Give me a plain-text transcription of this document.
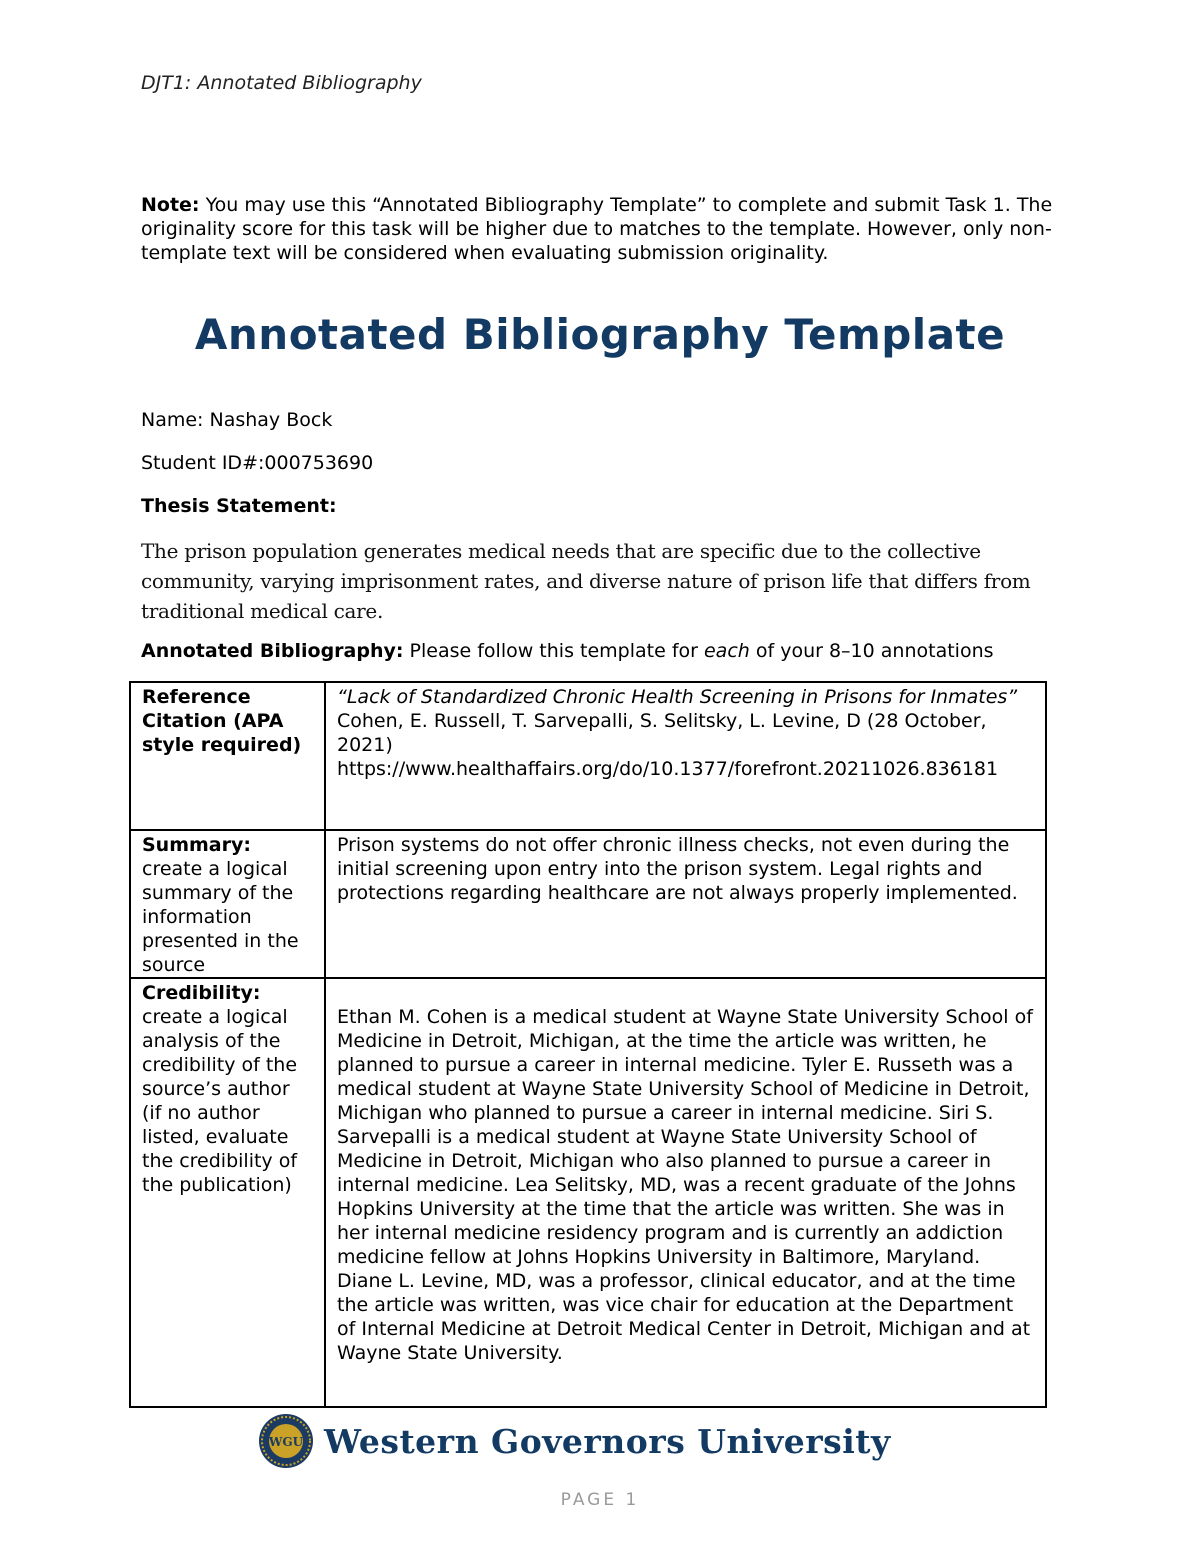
DJT1: Annotated Bibliography
Note: You may use this “Annotated Bibliography Template” to complete and submit Task 1. The originality score for this task will be higher due to matches to the template. However, only non-template text will be considered when evaluating submission originality.
Annotated Bibliography Template
Name: Nashay Bock
Student ID#:000753690
Thesis Statement:
The prison population generates medical needs that are specific due to the collective community, varying imprisonment rates, and diverse nature of prison life that differs from traditional medical care.
Annotated Bibliography: Please follow this template for each of your 8–10 annotations
Reference Citation (APA style required)	“Lack of Standardized Chronic Health Screening in Prisons for Inmates”
Cohen, E. Russell, T. Sarvepalli, S. Selitsky, L. Levine, D (28 October, 2021)
https://www.healthaffairs.org/do/10.1377/forefront.20211026.836181

Summary:
create a logical summary of the information presented in the source	Prison systems do not offer chronic illness checks, not even during the initial screening upon entry into the prison system. Legal rights and protections regarding healthcare are not always properly implemented.

Credibility:
create a logical analysis of the credibility of the source’s author (if no author listed, evaluate the credibility of the publication)	Ethan M. Cohen is a medical student at Wayne State University School of Medicine in Detroit, Michigan, at the time the article was written, he planned to pursue a career in internal medicine. Tyler E. Russeth was a medical student at Wayne State University School of Medicine in Detroit, Michigan who planned to pursue a career in internal medicine. Siri S. Sarvepalli is a medical student at Wayne State University School of Medicine in Detroit, Michigan who also planned to pursue a career in internal medicine. Lea Selitsky, MD, was a recent graduate of the Johns Hopkins University at the time that the article was written. She was in her internal medicine residency program and is currently an addiction medicine fellow at Johns Hopkins University in Baltimore, Maryland. Diane L. Levine, MD, was a professor, clinical educator, and at the time the article was written, was vice chair for education at the Department of Internal Medicine at Detroit Medical Center in Detroit, Michigan and at Wayne State University.
WGU Western Governors University
PAGE 1
